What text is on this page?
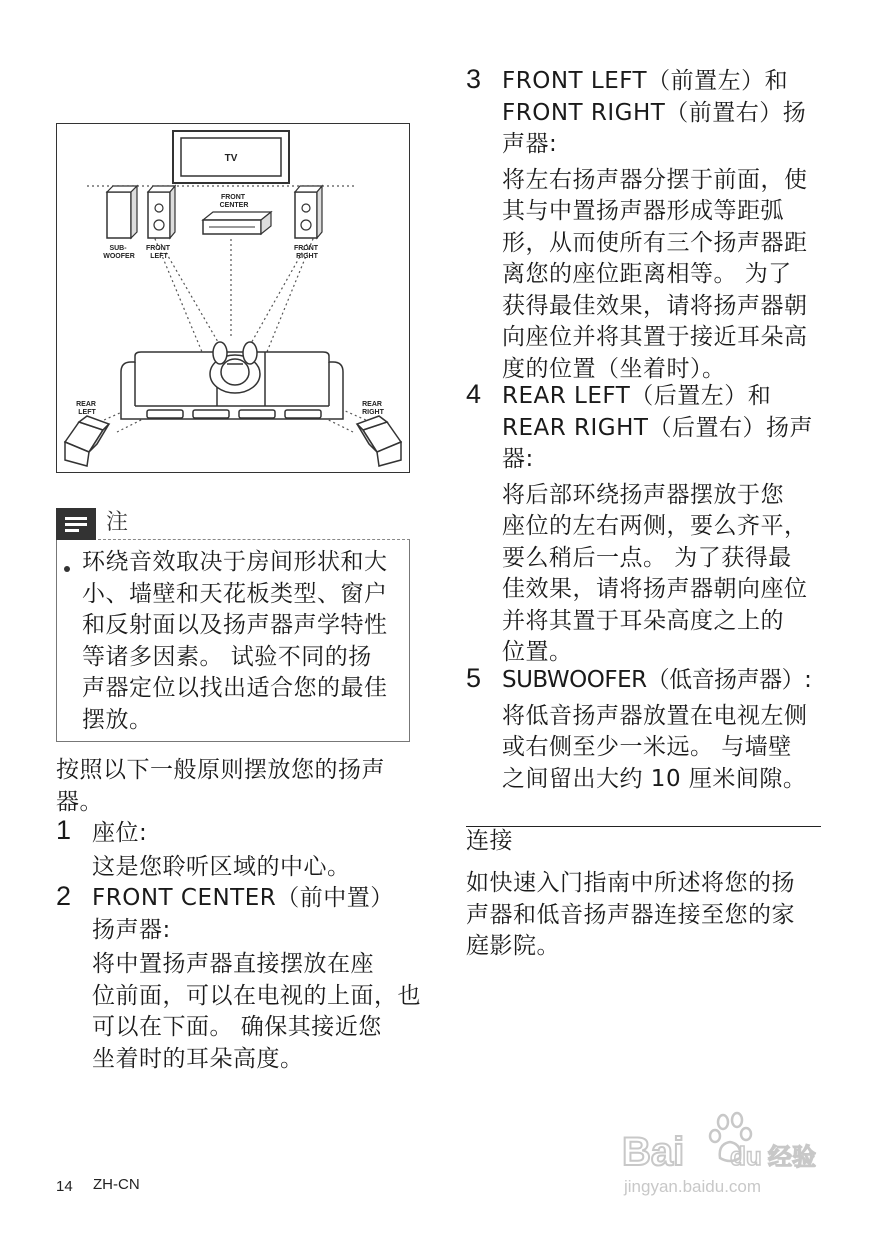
TV
SUB- WOOFER
FRONT LEFT
FRONT CENTER
FRONT RIGHT
REAR LEFT
REAR RIGHT
注
环绕音效取决于房间形状和大
小、墙壁和天花板类型、窗户
和反射面以及扬声器声学特性
等诸多因素。 试验不同的扬
声器定位以找出适合您的最佳
摆放。
按照以下一般原则摆放您的扬声
器。
1 座位:
这是您聆听区域的中心。
2 FRONT CENTER（前中置）
扬声器:
将中置扬声器直接摆放在座
位前面，可以在电视的上面，也
可以在下面。 确保其接近您
坐着时的耳朵高度。
3 FRONT LEFT（前置左）和
FRONT RIGHT（前置右）扬
声器:
将左右扬声器分摆于前面，使
其与中置扬声器形成等距弧
形，从而使所有三个扬声器距
离您的座位距离相等。 为了
获得最佳效果，请将扬声器朝
向座位并将其置于接近耳朵高
度的位置（坐着时）。
4 REAR LEFT（后置左）和
REAR RIGHT（后置右）扬声
器:
将后部环绕扬声器摆放于您
座位的左右两侧，要么齐平，
要么稍后一点。 为了获得最
佳效果，请将扬声器朝向座位
并将其置于耳朵高度之上的
位置。
5 SUBWOOFER（低音扬声器）:
将低音扬声器放置在电视左侧
或右侧至少一米远。 与墙壁
之间留出大约 10 厘米间隙。
连接
如快速入门指南中所述将您的扬
声器和低音扬声器连接至您的家
庭影院。
14 ZH-CN
Bai du 经验
jingyan.baidu.com
